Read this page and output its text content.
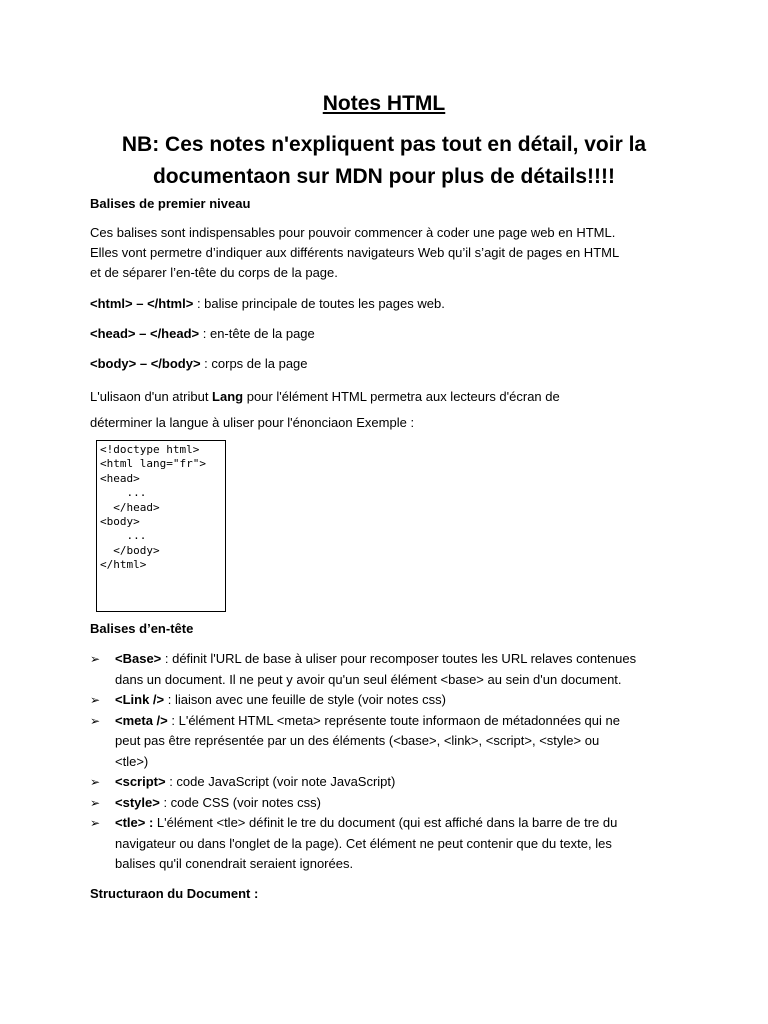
Notes HTML
NB: Ces notes n'expliquent pas tout en détail, voir la
documentaon sur MDN pour plus de détails!!!!
Balises de premier niveau
Ces balises sont indispensables pour pouvoir commencer à coder une page web en HTML.
Elles vont permetre d’indiquer aux différents navigateurs Web qu’il s’agit de pages en HTML
et de séparer l’en-tête du corps de la page.
<html> – </html> : balise principale de toutes les pages web.
<head> – </head> : en-tête de la page
<body> – </body> : corps de la page
L'ulisaon d'un atribut Lang pour l'élément HTML permetra aux lecteurs d'écran de
déterminer la langue à uliser pour l'énonciaon Exemple :
<!doctype html>
<html lang="fr">
<head>
...
</head>
<body>
...
</body>
</html>
Balises d’en-tête
➢ <Base> : définit l'URL de base à uliser pour recomposer toutes les URL relaves contenues
dans un document. Il ne peut y avoir qu'un seul élément <base> au sein d'un document.
➢ <Link /> : liaison avec une feuille de style (voir notes css)
➢ <meta /> : L'élément HTML <meta> représente toute informaon de métadonnées qui ne
peut pas être représentée par un des éléments (<base>, <link>, <script>, <style> ou
<tle>)
➢ <script> : code JavaScript (voir note JavaScript)
➢ <style> : code CSS (voir notes css)
➢ <tle> : L'élément <tle> définit le tre du document (qui est affiché dans la barre de tre du
navigateur ou dans l'onglet de la page). Cet élément ne peut contenir que du texte, les
balises qu'il conendrait seraient ignorées.
Structuraon du Document :
